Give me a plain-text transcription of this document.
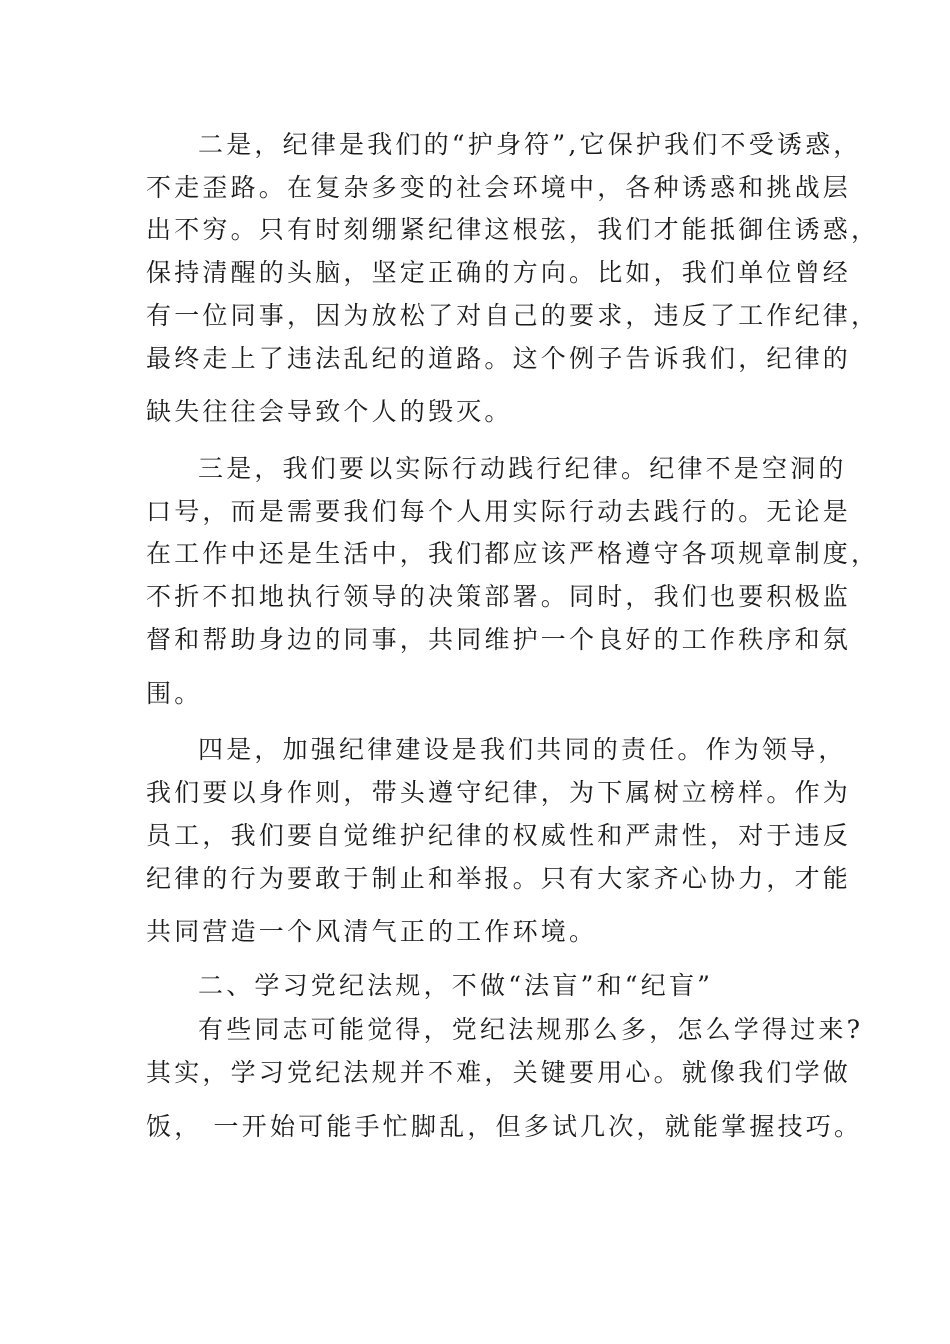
二是，纪律是我们的“护身符”,它保护我们不受诱惑，
不走歪路。在复杂多变的社会环境中，各种诱惑和挑战层
出不穷。只有时刻绷紧纪律这根弦，我们才能抵御住诱惑，
保持清醒的头脑，坚定正确的方向。比如，我们单位曾经
有一位同事，因为放松了对自己的要求，违反了工作纪律，
最终走上了违法乱纪的道路。这个例子告诉我们，纪律的
缺失往往会导致个人的毁灭。
三是，我们要以实际行动践行纪律。纪律不是空洞的
口号，而是需要我们每个人用实际行动去践行的。无论是
在工作中还是生活中，我们都应该严格遵守各项规章制度，
不折不扣地执行领导的决策部署。同时，我们也要积极监
督和帮助身边的同事，共同维护一个良好的工作秩序和氛
围。
四是，加强纪律建设是我们共同的责任。作为领导，
我们要以身作则，带头遵守纪律，为下属树立榜样。作为
员工，我们要自觉维护纪律的权威性和严肃性，对于违反
纪律的行为要敢于制止和举报。只有大家齐心协力，才能
共同营造一个风清气正的工作环境。
二、学习党纪法规，不做“法盲”和“纪盲”
有些同志可能觉得，党纪法规那么多，怎么学得过来?
其实，学习党纪法规并不难，关键要用心。就像我们学做
饭， 一开始可能手忙脚乱，但多试几次，就能掌握技巧。
